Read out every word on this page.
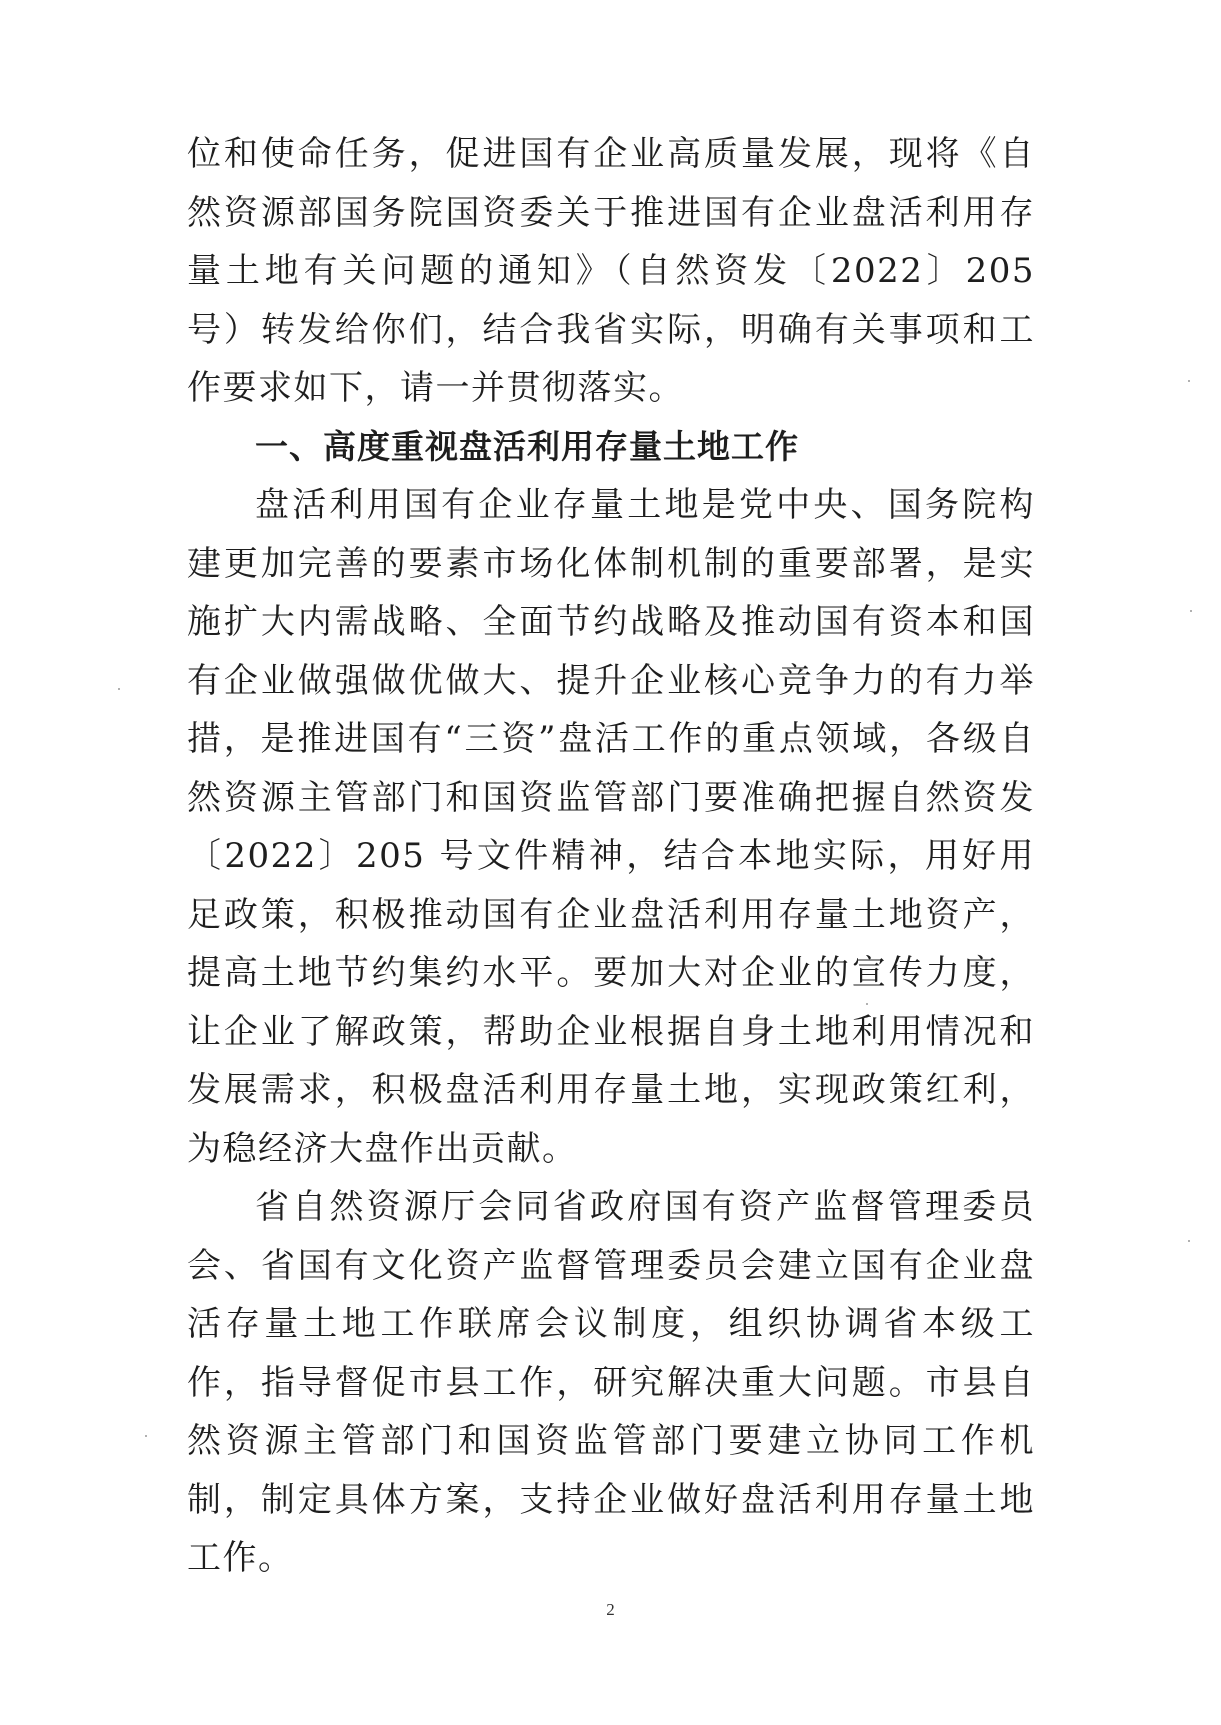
位和使命任务，促进国有企业高质量发展，现将《自然资源部国务院国资委关于推进国有企业盘活利用存量土地有关问题的通知》（自然资发〔2022〕205 号）转发给你们，结合我省实际，明确有关事项和工作要求如下，请一并贯彻落实。

一、高度重视盘活利用存量土地工作

盘活利用国有企业存量土地是党中央、国务院构建更加完善的要素市场化体制机制的重要部署，是实施扩大内需战略、全面节约战略及推动国有资本和国有企业做强做优做大、提升企业核心竞争力的有力举措，是推进国有“三资”盘活工作的重点领域，各级自然资源主管部门和国资监管部门要准确把握自然资发〔2022〕205 号文件精神，结合本地实际，用好用足政策，积极推动国有企业盘活利用存量土地资产，提高土地节约集约水平。要加大对企业的宣传力度，让企业了解政策，帮助企业根据自身土地利用情况和发展需求，积极盘活利用存量土地，实现政策红利，为稳经济大盘作出贡献。

省自然资源厅会同省政府国有资产监督管理委员会、省国有文化资产监督管理委员会建立国有企业盘活存量土地工作联席会议制度，组织协调省本级工作，指导督促市县工作，研究解决重大问题。市县自然资源主管部门和国资监管部门要建立协同工作机制，制定具体方案，支持企业做好盘活利用存量土地工作。

2
